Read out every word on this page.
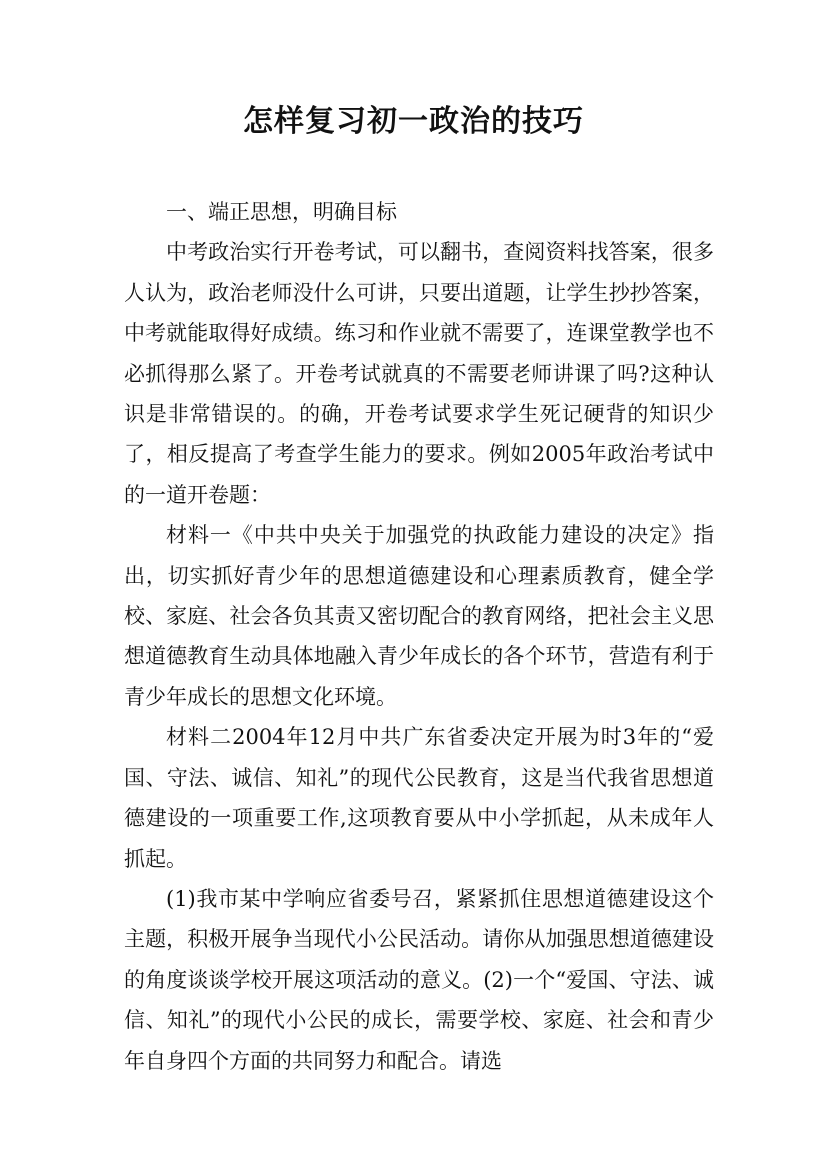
怎样复习初一政治的技巧

一、端正思想，明确目标

中考政治实行开卷考试，可以翻书，查阅资料找答案，很多人认为，政治老师没什么可讲，只要出道题，让学生抄抄答案，中考就能取得好成绩。练习和作业就不需要了，连课堂教学也不必抓得那么紧了。开卷考试就真的不需要老师讲课了吗?这种认识是非常错误的。的确，开卷考试要求学生死记硬背的知识少了，相反提高了考查学生能力的要求。例如2005年政治考试中的一道开卷题：

材料一《中共中央关于加强党的执政能力建设的决定》指出，切实抓好青少年的思想道德建设和心理素质教育，健全学校、家庭、社会各负其责又密切配合的教育网络，把社会主义思想道德教育生动具体地融入青少年成长的各个环节，营造有利于青少年成长的思想文化环境。

材料二2004年12月中共广东省委决定开展为时3年的“爱国、守法、诚信、知礼”的现代公民教育，这是当代我省思想道德建设的一项重要工作,这项教育要从中小学抓起，从未成年人抓起。

(1)我市某中学响应省委号召，紧紧抓住思想道德建设这个主题，积极开展争当现代小公民活动。请你从加强思想道德建设的角度谈谈学校开展这项活动的意义。(2)一个“爱国、守法、诚信、知礼”的现代小公民的成长，需要学校、家庭、社会和青少年自身四个方面的共同努力和配合。请选
